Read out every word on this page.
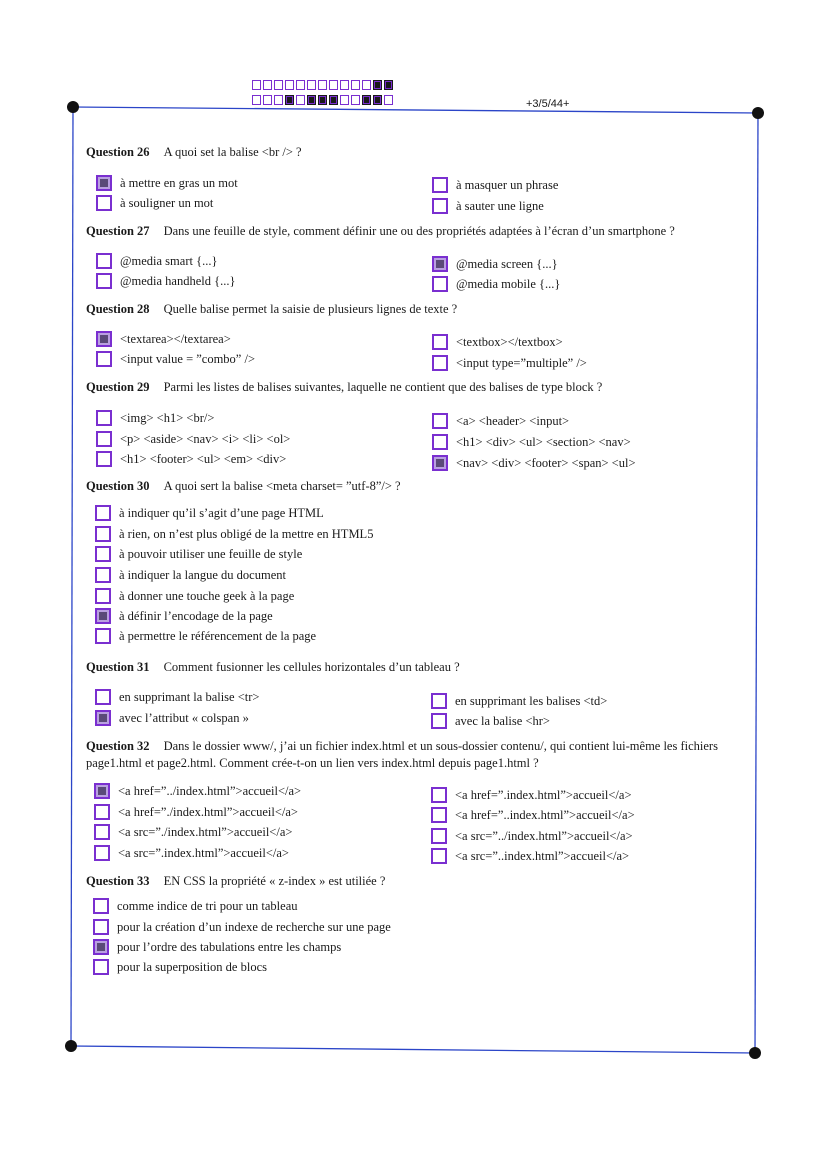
+3/5/44+
Question 26 A quoi set la balise <br /> ?
à mettre en gras un mot
à souligner un mot
à masquer un phrase
à sauter une ligne
Question 27 Dans une feuille de style, comment définir une ou des propriétés adaptées à l’écran d’un smartphone ?
@media smart {...}
@media handheld {...}
@media screen {...}
@media mobile {...}
Question 28 Quelle balise permet la saisie de plusieurs lignes de texte ?
<textarea></textarea>
<input value = ”combo” />
<textbox></textbox>
<input type=”multiple” />
Question 29 Parmi les listes de balises suivantes, laquelle ne contient que des balises de type block ?
<img> <h1> <br/>
<p> <aside> <nav> <i> <li> <ol>
<h1> <footer> <ul> <em> <div>
<a> <header> <input>
<h1> <div> <ul> <section> <nav>
<nav> <div> <footer> <span> <ul>
Question 30 A quoi sert la balise <meta charset= ”utf-8”/> ?
à indiquer qu’il s’agit d’une page HTML
à rien, on n’est plus obligé de la mettre en HTML5
à pouvoir utiliser une feuille de style
à indiquer la langue du document
à donner une touche geek à la page
à définir l’encodage de la page
à permettre le référencement de la page
Question 31 Comment fusionner les cellules horizontales d’un tableau ?
en supprimant la balise <tr>
avec l’attribut « colspan »
en supprimant les balises <td>
avec la balise <hr>
Question 32 Dans le dossier www/, j’ai un fichier index.html et un sous-dossier contenu/, qui contient lui-même les fichiers page1.html et page2.html. Comment crée-t-on un lien vers index.html depuis page1.html ?
<a href=”../index.html”>accueil</a>
<a href=”./index.html”>accueil</a>
<a src=”./index.html”>accueil</a>
<a src=”.index.html”>accueil</a>
<a href=”.index.html”>accueil</a>
<a href=”..index.html”>accueil</a>
<a src=”../index.html”>accueil</a>
<a src=”..index.html”>accueil</a>
Question 33 EN CSS la propriété « z-index » est utiliée ?
comme indice de tri pour un tableau
pour la création d’un indexe de recherche sur une page
pour l’ordre des tabulations entre les champs
pour la superposition de blocs
